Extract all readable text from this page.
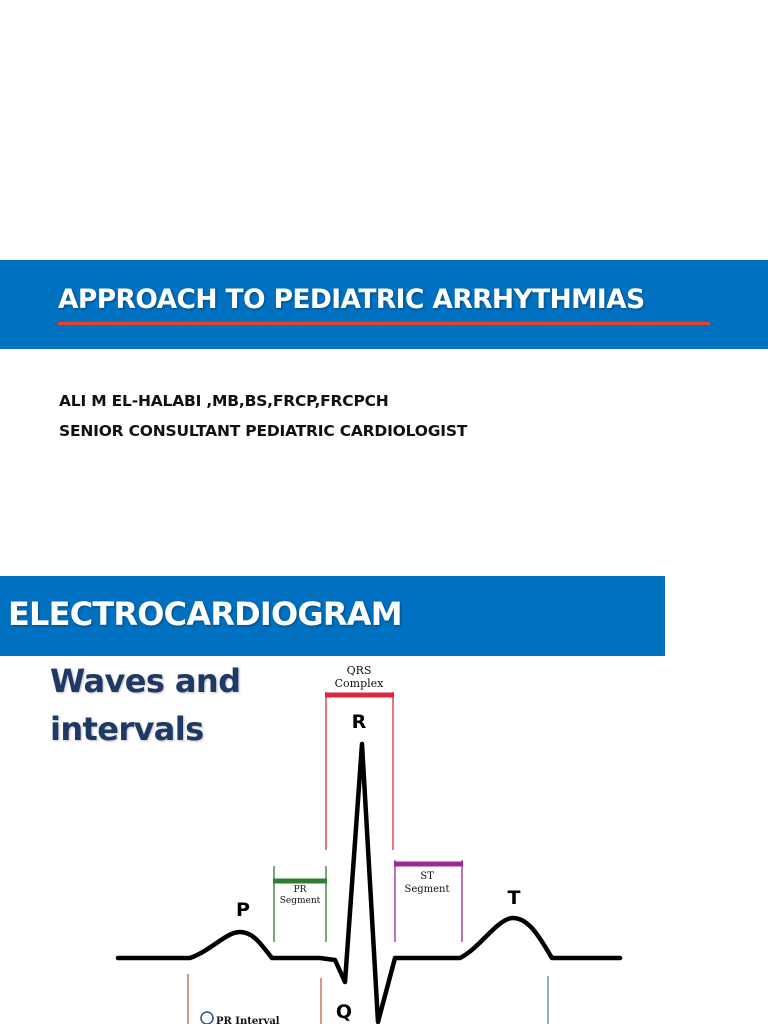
APPROACH TO PEDIATRIC ARRHYTHMIAS
ALI M EL-HALABI ,MB,BS,FRCP,FRCPCH
SENIOR CONSULTANT PEDIATRIC CARDIOLOGIST
ELECTROCARDIOGRAM
Waves and
intervals
QRS
Complex
PR
Segment
ST
Segment
R
P
T
Q
PR Interval
